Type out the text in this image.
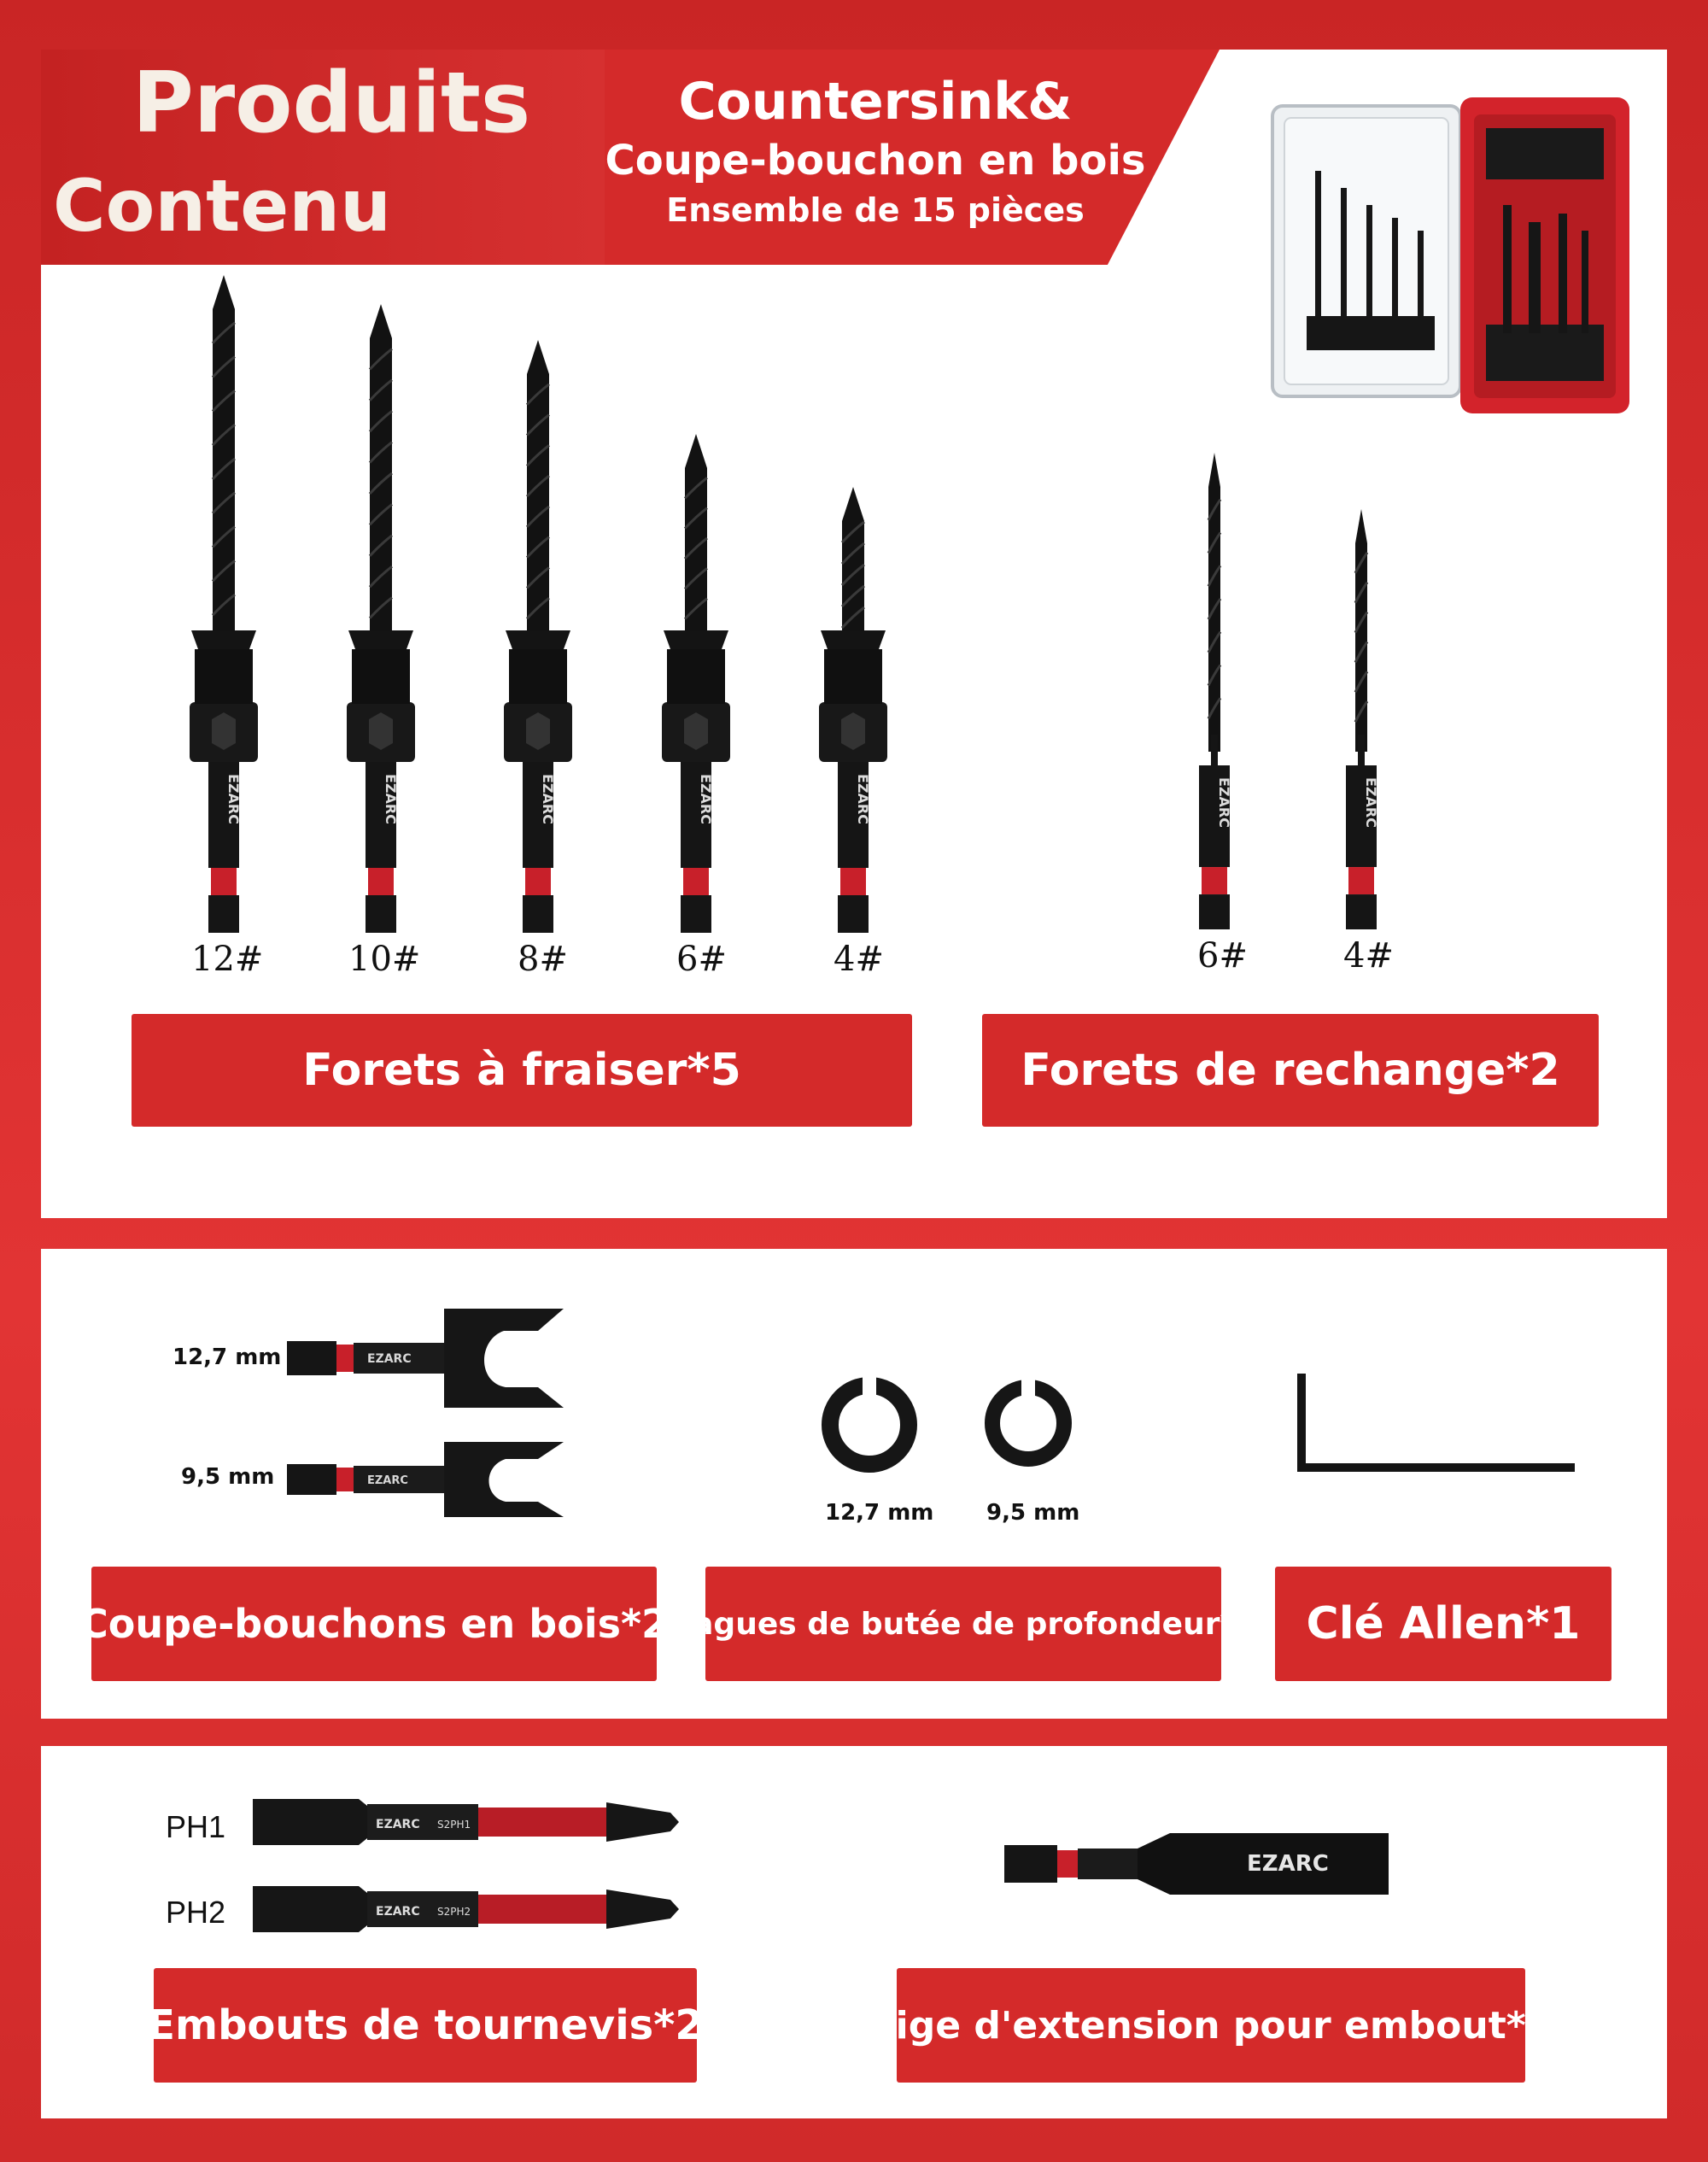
Produits
Contenu
Countersink&
Coupe-bouchon en bois
Ensemble de 15 pièces
EZARC	EZARC	EZARC	EZARC	EZARC	EZARC	EZARC
12# 10#	8#	6#	4#	6#	4#
Forets à fraiser*5	Forets de rechange*2
12,7 mm
9,5 mm
EZARC
EZARC
Coupe-bouchons en bois*2
12,7 mm 9,5 mm
Bagues de butée de profondeur*2	Clé Allen*1
PH1
PH2
EZARC S2PH1
EZARC S2PH2
Embouts de tournevis*2
EZARC
Tige d'extension pour embout*1
